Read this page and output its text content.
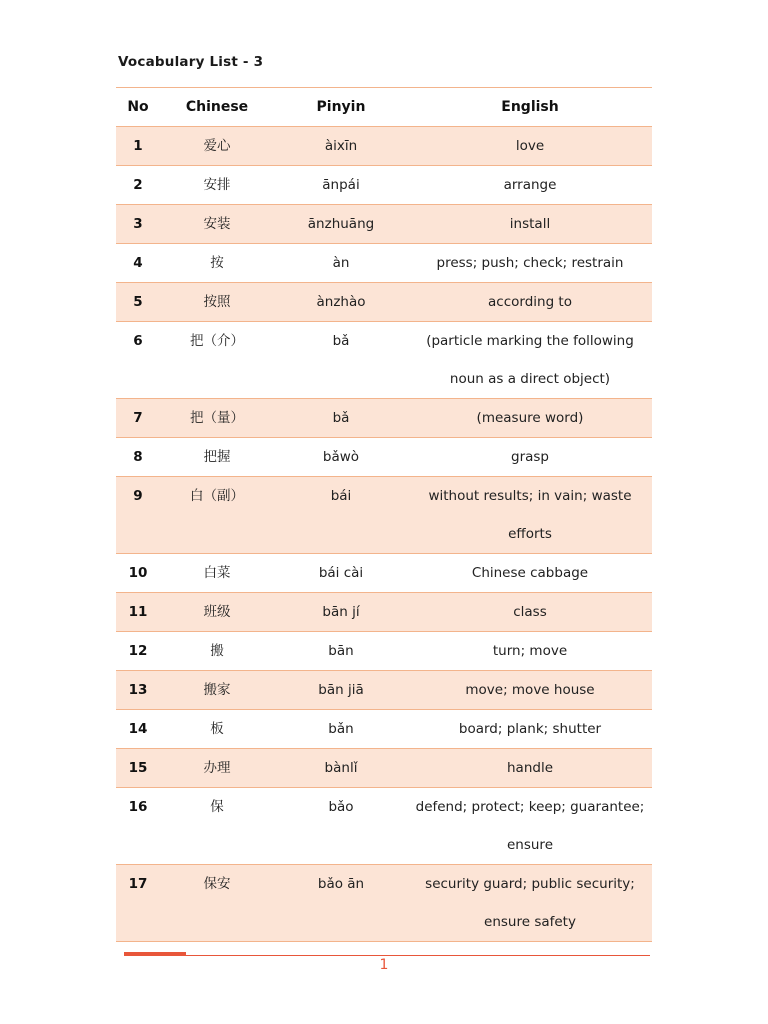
Vocabulary List - 3
No	Chinese	Pinyin	English
1	爱心	àixīn	love
2	安排	ānpái	arrange
3	安装	ānzhuāng	install
4	按	àn	press; push; check; restrain
5	按照	ànzhào	according to
6	把（介）	bǎ	(particle marking the following noun as a direct object)
7	把（量）	bǎ	(measure word)
8	把握	bǎwò	grasp
9	白（副）	bái	without results; in vain; waste efforts
10	白菜	bái cài	Chinese cabbage
11	班级	bān jí	class
12	搬	bān	turn; move
13	搬家	bān jiā	move; move house
14	板	bǎn	board; plank; shutter
15	办理	bànlǐ	handle
16	保	bǎo	defend; protect; keep; guarantee; ensure
17	保安	bǎo ān	security guard; public security; ensure safety
1
